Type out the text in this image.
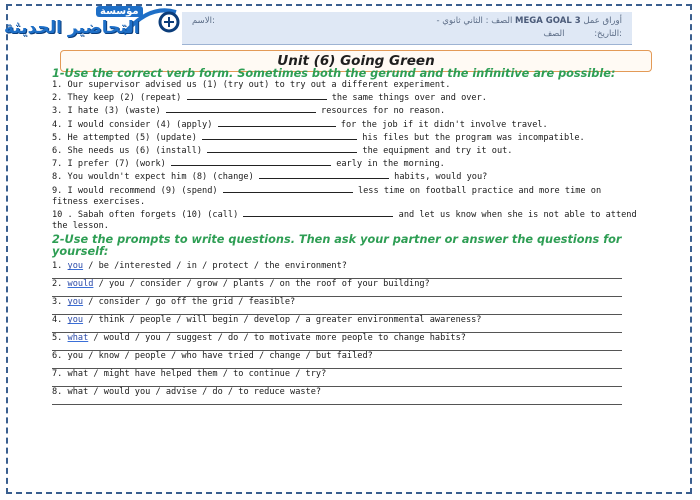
مؤسسة
التحاضير الحديثة	الاسم:	- الصف : الثاني ثانوي MEGA GOAL 3 أوراق عمل
التاريخ:           الصف:
Unit (6) Going Green

1-Use the correct verb form. Sometimes both the gerund and the infinitive are possible:

1. Our supervisor advised us (1) (try out) to try out a different experiment.

2. They keep (2) (repeat)	the same things over and over.

3. I hate (3) (waste)	resources for no reason.

4. I would consider (4) (apply)	for the job if it didn't involve travel.

5. He attempted (5) (update)	his files but the program was incompatible.

6. She needs us (6) (install)	the equipment and try it out.

7. I prefer (7) (work)	early in the morning.

8. You wouldn't expect him (8) (change)	habits, would you?

9. I would recommend (9) (spend)	less time on football practice and more time on fitness exercises.

10 . Sabah often forgets (10) (call)	and let us know when she is not able to attend the lesson.

2-Use the prompts to write questions. Then ask your partner or answer the questions for yourself:

1. you / be /interested / in / protect / the environment?
2. would / you / consider / grow / plants / on the roof of your building?
3. you / consider / go off the grid / feasible?
4. you / think / people / will begin / develop / a greater environmental awareness?
5. what / would / you / suggest / do / to motivate more people to change habits?
6. you / know / people / who have tried / change / but failed?
7. what / might have helped them / to continue / try?
8. what / would you / advise / do / to reduce waste?
